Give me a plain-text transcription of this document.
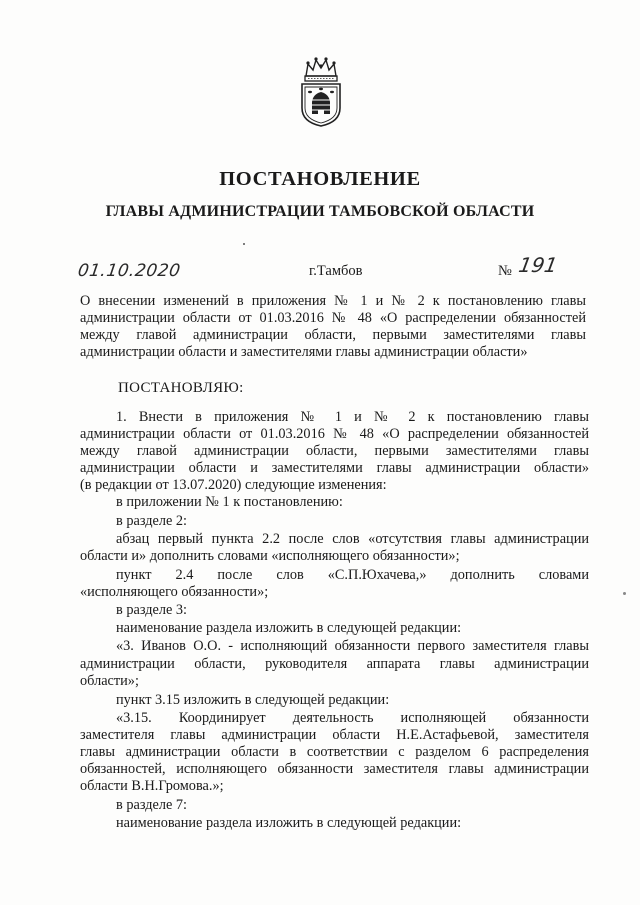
ПОСТАНОВЛЕНИЕ
ГЛАВЫ АДМИНИСТРАЦИИ ТАМБОВСКОЙ ОБЛАСТИ
01.10.2020	г.Тамбов	№ 191
О внесении изменений в приложения № 1 и № 2 к постановлению главы
администрации области от 01.03.2016 № 48 «О распределении обязанностей
между главой администрации области, первыми заместителями главы
администрации области и заместителями главы администрации области»
ПОСТАНОВЛЯЮ:
1. Внести в приложения № 1 и № 2 к постановлению главы
администрации области от 01.03.2016 № 48 «О распределении обязанностей
между главой администрации области, первыми заместителями главы
администрации области и заместителями главы администрации области»
(в редакции от 13.07.2020) следующие изменения:
в приложении № 1 к постановлению:
в разделе 2:
абзац первый пункта 2.2 после слов «отсутствия главы администрации
области и» дополнить словами «исполняющего обязанности»;
пункт 2.4 после слов «С.П.Юхачева,» дополнить словами
«исполняющего обязанности»;
в разделе 3:
наименование раздела изложить в следующей редакции:
«3. Иванов О.О. - исполняющий обязанности первого заместителя главы
администрации области, руководителя аппарата главы администрации
области»;
пункт 3.15 изложить в следующей редакции:
«3.15. Координирует деятельность исполняющей обязанности
заместителя главы администрации области Н.Е.Астафьевой, заместителя
главы администрации области в соответствии с разделом 6 распределения
обязанностей, исполняющего обязанности заместителя главы администрации
области В.Н.Громова.»;
в разделе 7:
наименование раздела изложить в следующей редакции:
